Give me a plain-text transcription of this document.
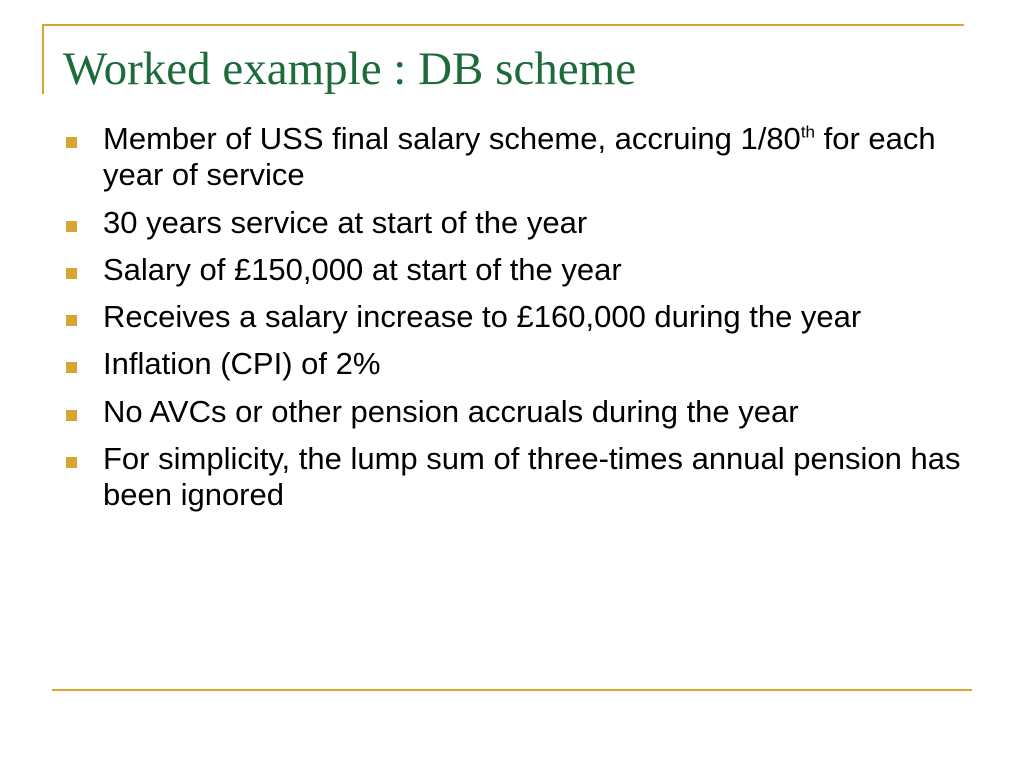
Worked example : DB scheme
Member of USS final salary scheme, accruing 1/80th for each year of service
30 years service at start of the year
Salary of £150,000 at start of the year
Receives a salary increase to £160,000 during the year
Inflation (CPI) of 2%
No AVCs or other pension accruals during the year
For simplicity, the lump sum of three-times annual pension has been ignored
